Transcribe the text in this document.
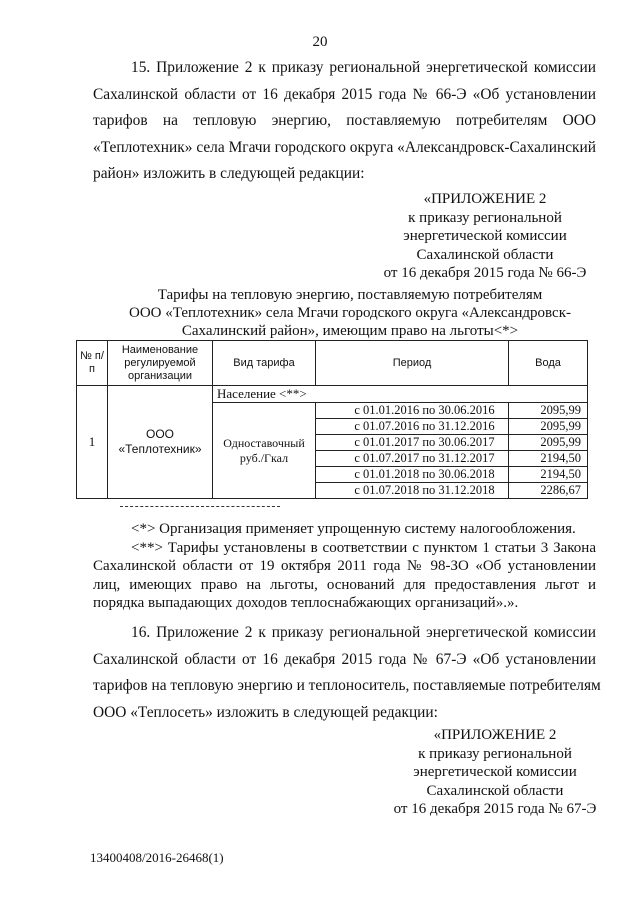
20
15. Приложение 2 к приказу региональной энергетической комиссии
Сахалинской области от 16 декабря 2015 года № 66-Э «Об установлении
тарифов на тепловую энергию, поставляемую потребителям ООО
«Теплотехник» села Мгачи городского округа «Александровск-Сахалинский
район» изложить в следующей редакции:
«ПРИЛОЖЕНИЕ 2
к приказу региональной
энергетической комиссии
Сахалинской области
от 16 декабря 2015 года № 66-Э
Тарифы на тепловую энергию, поставляемую потребителям
ООО «Теплотехник» села Мгачи городского округа «Александровск-
Сахалинский район», имеющим право на льготы<*>
№ п/п	Наименование регулируемой организации	Вид тарифа	Период	Вода
1	ООО «Теплотехник»	Население <**>		
		Одноставочный руб./Гкал	с 01.01.2016 по 30.06.2016	2095,99
			с 01.07.2016 по 31.12.2016	2095,99
			с 01.01.2017 по 30.06.2017	2095,99
			с 01.07.2017 по 31.12.2017	2194,50
			с 01.01.2018 по 30.06.2018	2194,50
			с 01.07.2018 по 31.12.2018	2286,67
<*> Организация применяет упрощенную систему налогообложения.
<**> Тарифы установлены в соответствии с пунктом 1 статьи 3 Закона
Сахалинской области от 19 октября 2011 года № 98-ЗО «Об установлении
лиц, имеющих право на льготы, оснований для предоставления льгот и
порядка выпадающих доходов теплоснабжающих организаций».».
16. Приложение 2 к приказу региональной энергетической комиссии
Сахалинской области от 16 декабря 2015 года № 67-Э «Об установлении
тарифов на тепловую энергию и теплоноситель, поставляемые потребителям
ООО «Теплосеть» изложить в следующей редакции:
«ПРИЛОЖЕНИЕ 2
к приказу региональной
энергетической комиссии
Сахалинской области
от 16 декабря 2015 года № 67-Э
13400408/2016-26468(1)
